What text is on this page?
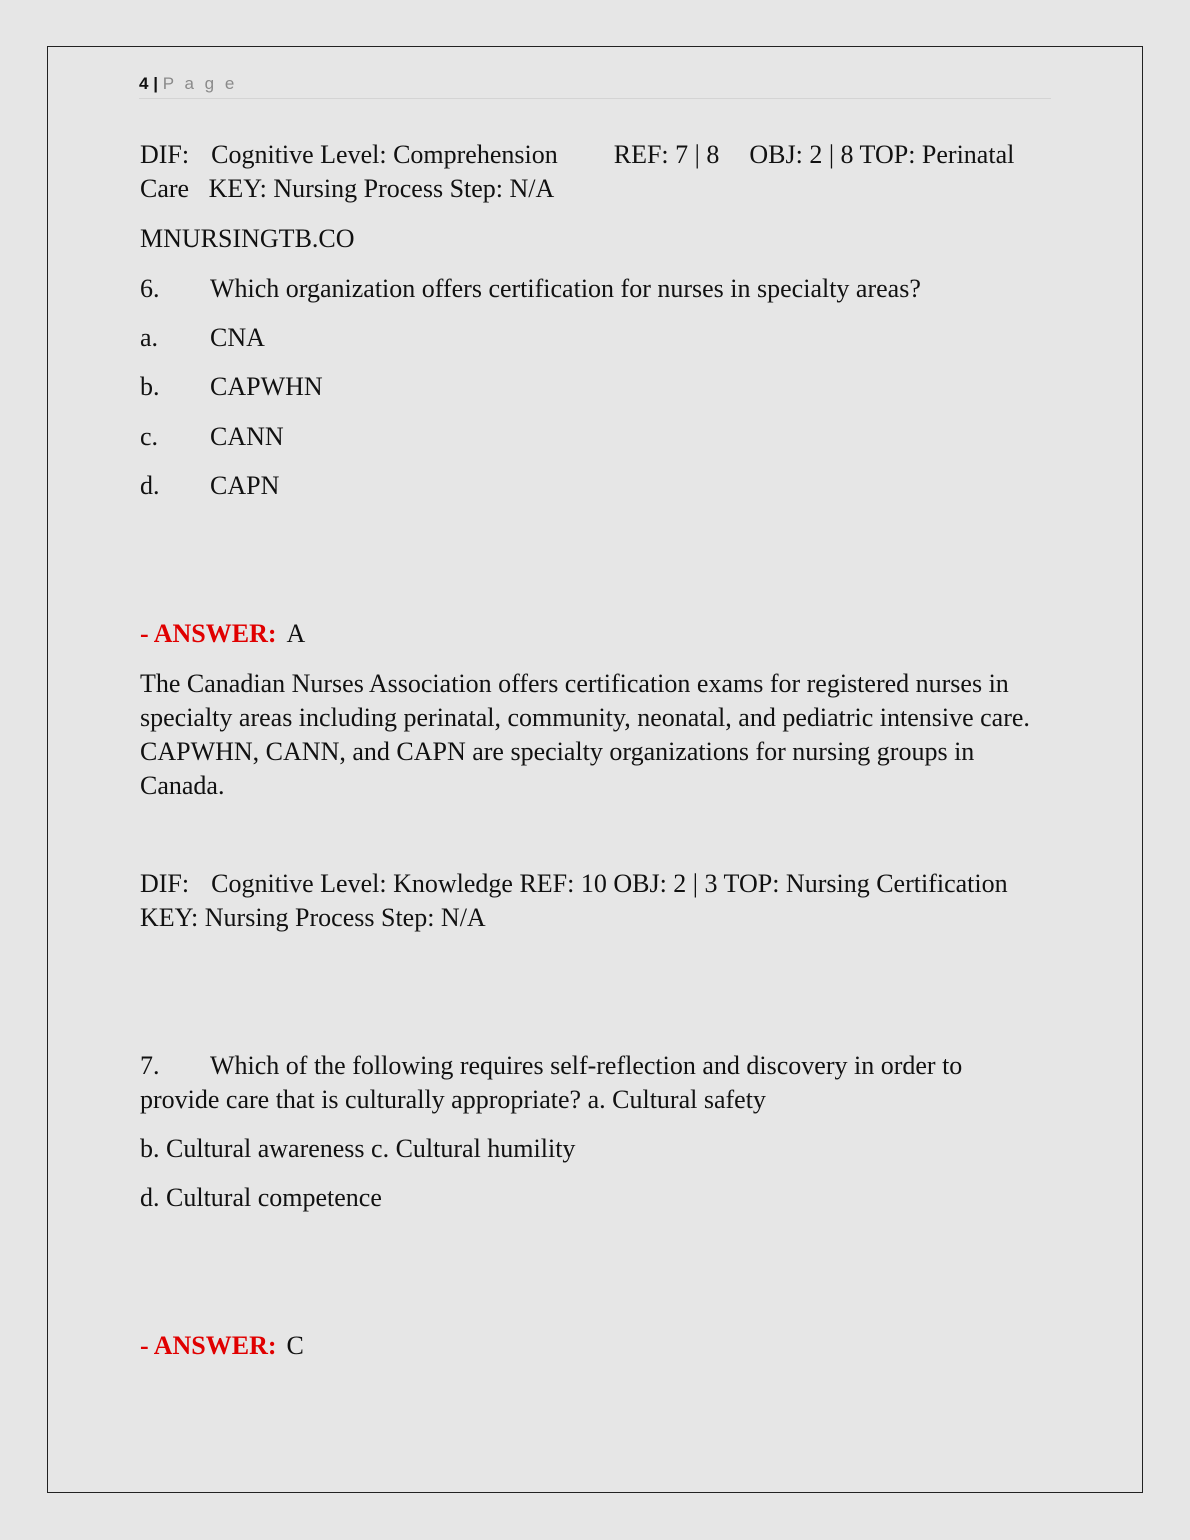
4 | P a g e
DIF: Cognitive Level: Comprehension REF: 7 | 8 OBJ: 2 | 8 TOP: Perinatal
Care   KEY: Nursing Process Step: N/A
MNURSINGTB.CO
6. Which organization offers certification for nurses in specialty areas?
a. CNA
b. CAPWHN
c. CANN
d. CAPN
- ANSWER: A
The Canadian Nurses Association offers certification exams for registered nurses in specialty areas including perinatal, community, neonatal, and pediatric intensive care. CAPWHN, CANN, and CAPN are specialty organizations for nursing groups in Canada.
DIF: Cognitive Level: Knowledge REF: 10 OBJ: 2 | 3 TOP: Nursing Certification
KEY: Nursing Process Step: N/A
7. Which of the following requires self-reflection and discovery in order to
provide care that is culturally appropriate? a. Cultural safety
b. Cultural awareness c. Cultural humility
d. Cultural competence
- ANSWER: C
